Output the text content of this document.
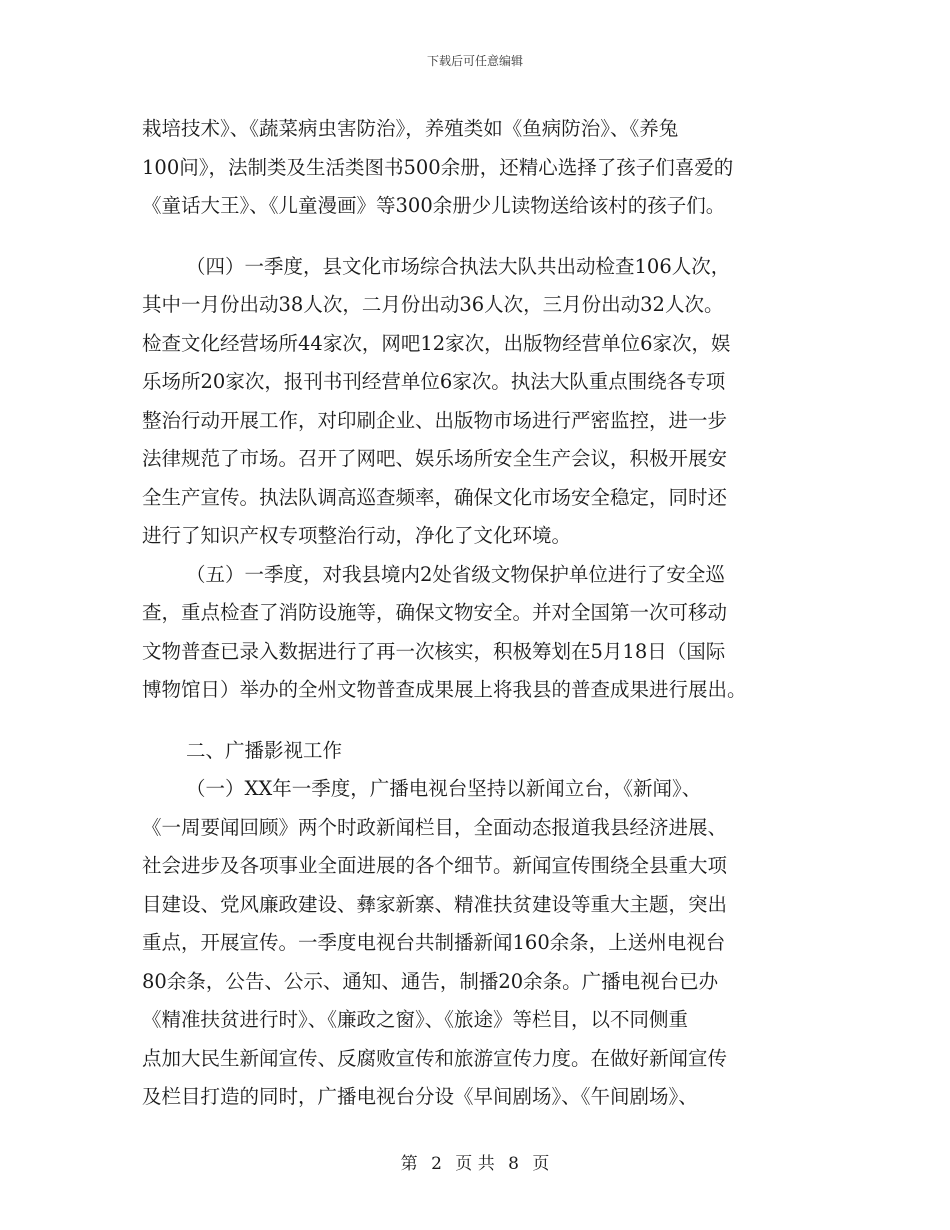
下载后可任意编辑
栽培技术》、《蔬菜病虫害防治》，养殖类如《鱼病防治》、《养兔
100问》，法制类及生活类图书500余册，还精心选择了孩子们喜爱的
《童话大王》、《儿童漫画》等300余册少儿读物送给该村的孩子们。
（四）一季度，县文化市场综合执法大队共出动检查106人次，
其中一月份出动38人次，二月份出动36人次，三月份出动32人次。
检查文化经营场所44家次，网吧12家次，出版物经营单位6家次，娱
乐场所20家次，报刊书刊经营单位6家次。执法大队重点围绕各专项
整治行动开展工作，对印刷企业、出版物市场进行严密监控，进一步
法律规范了市场。召开了网吧、娱乐场所安全生产会议，积极开展安
全生产宣传。执法队调高巡查频率，确保文化市场安全稳定，同时还
进行了知识产权专项整治行动，净化了文化环境。
（五）一季度，对我县境内2处省级文物保护单位进行了安全巡
查，重点检查了消防设施等，确保文物安全。并对全国第一次可移动
文物普查已录入数据进行了再一次核实，积极筹划在5月18日（国际
博物馆日）举办的全州文物普查成果展上将我县的普查成果进行展出。
二、广播影视工作
（一）XX年一季度，广播电视台坚持以新闻立台，《新闻》、
《一周要闻回顾》两个时政新闻栏目，全面动态报道我县经济进展、
社会进步及各项事业全面进展的各个细节。新闻宣传围绕全县重大项
目建设、党风廉政建设、彝家新寨、精准扶贫建设等重大主题，突出
重点，开展宣传。一季度电视台共制播新闻160余条，上送州电视台
80余条，公告、公示、通知、通告，制播20余条。广播电视台已办
《精准扶贫进行时》、《廉政之窗》、《旅途》等栏目，以不同侧重
点加大民生新闻宣传、反腐败宣传和旅游宣传力度。在做好新闻宣传
及栏目打造的同时，广播电视台分设《早间剧场》、《午间剧场》、
第 2 页 共 8 页
